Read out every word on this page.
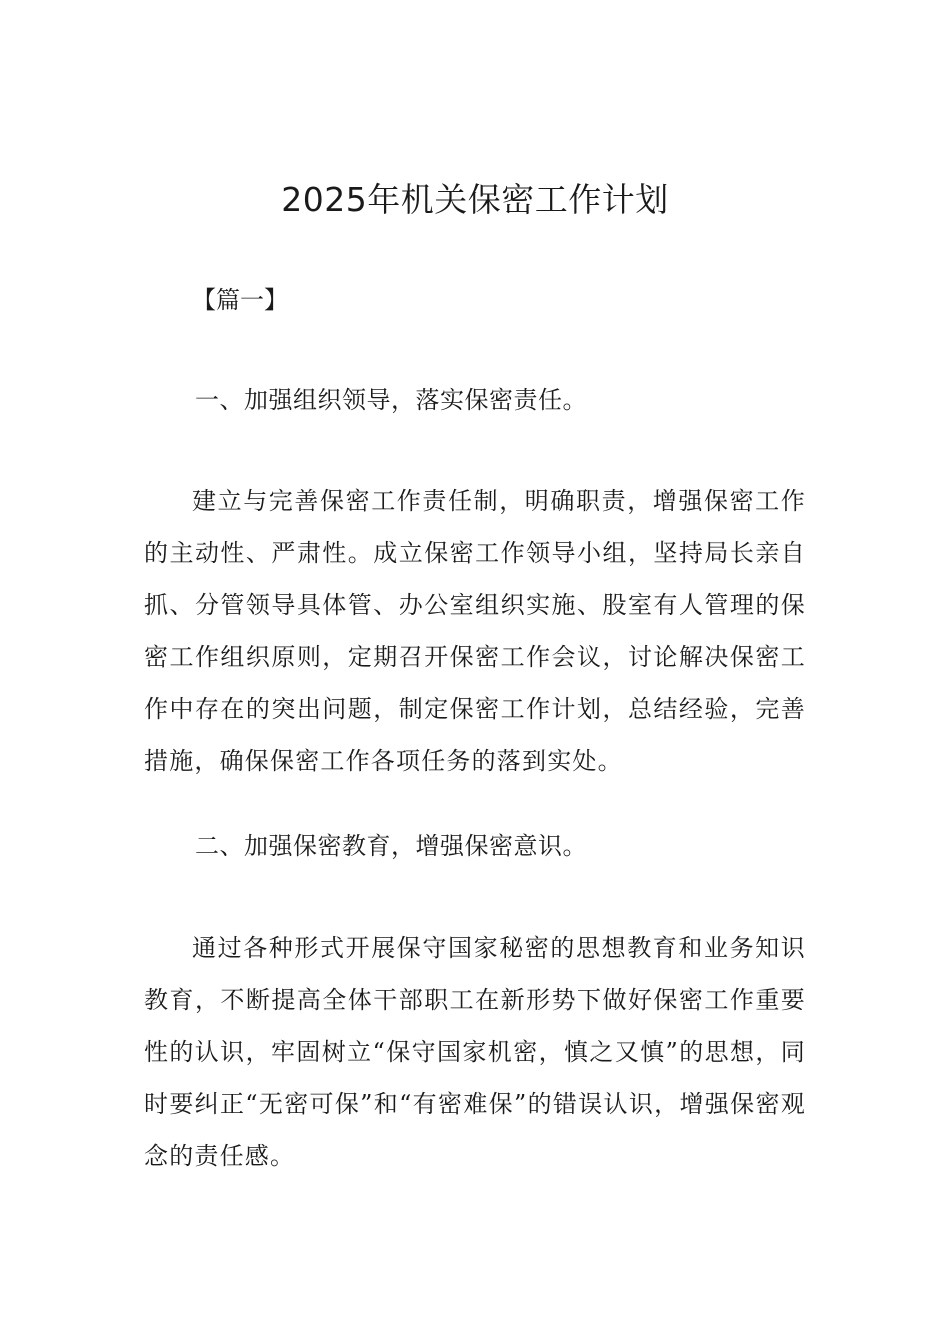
2025年机关保密工作计划

【篇一】

一、加强组织领导，落实保密责任。

建立与完善保密工作责任制，明确职责，增强保密工作的主动性、严肃性。成立保密工作领导小组，坚持局长亲自抓、分管领导具体管、办公室组织实施、股室有人管理的保密工作组织原则，定期召开保密工作会议，讨论解决保密工作中存在的突出问题，制定保密工作计划，总结经验，完善措施，确保保密工作各项任务的落到实处。

二、加强保密教育，增强保密意识。

通过各种形式开展保守国家秘密的思想教育和业务知识教育，不断提高全体干部职工在新形势下做好保密工作重要性的认识，牢固树立“保守国家机密，慎之又慎”的思想，同时要纠正“无密可保”和“有密难保”的错误认识，增强保密观念的责任感。
